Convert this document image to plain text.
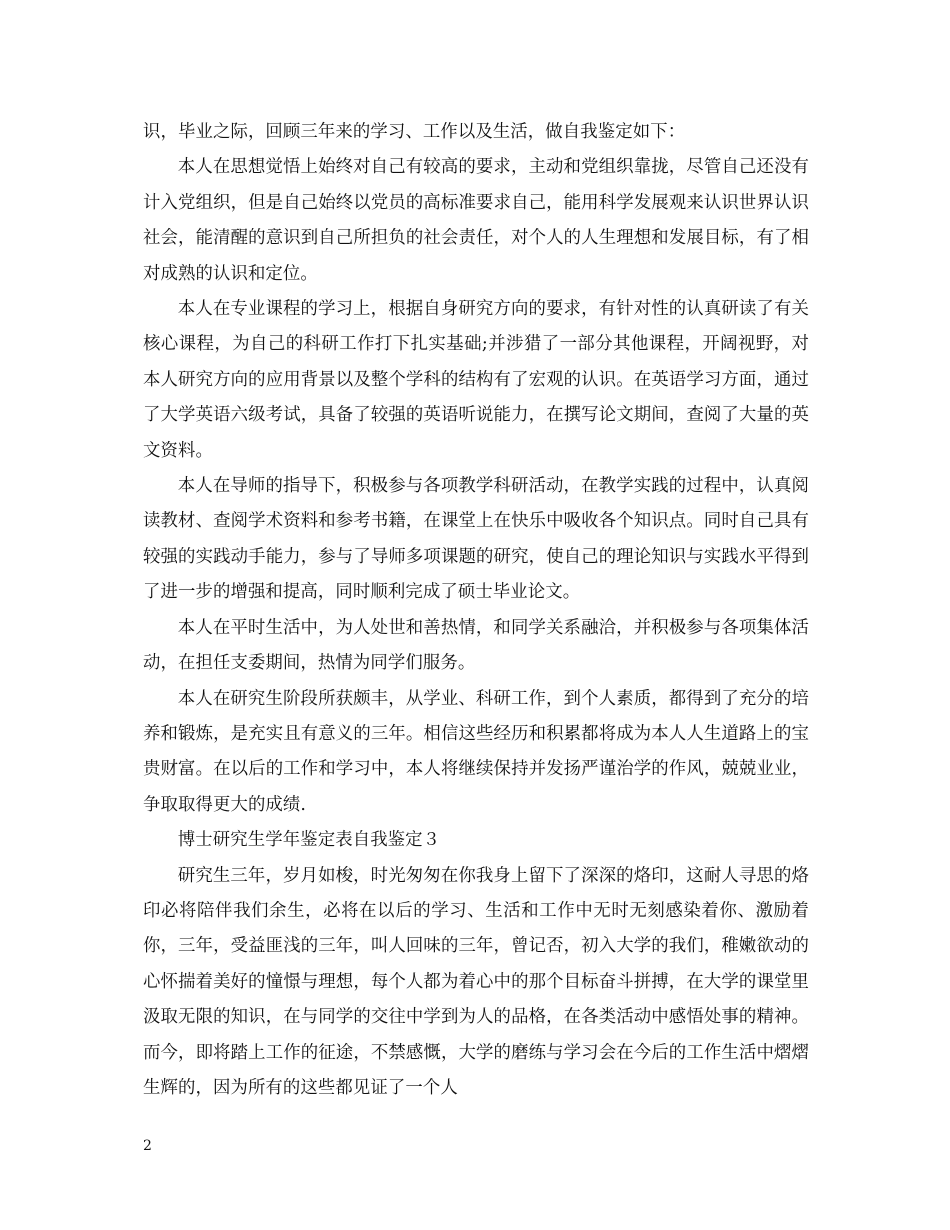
识，毕业之际，回顾三年来的学习、工作以及生活，做自我鉴定如下：

本人在思想觉悟上始终对自己有较高的要求，主动和党组织靠拢，尽管自己还没有计入党组织，但是自己始终以党员的高标准要求自己，能用科学发展观来认识世界认识社会，能清醒的意识到自己所担负的社会责任，对个人的人生理想和发展目标，有了相对成熟的认识和定位。

本人在专业课程的学习上，根据自身研究方向的要求，有针对性的认真研读了有关核心课程，为自己的科研工作打下扎实基础;并涉猎了一部分其他课程，开阔视野，对本人研究方向的应用背景以及整个学科的结构有了宏观的认识。在英语学习方面，通过了大学英语六级考试，具备了较强的英语听说能力，在撰写论文期间，查阅了大量的英文资料。

本人在导师的指导下，积极参与各项教学科研活动，在教学实践的过程中，认真阅读教材、查阅学术资料和参考书籍，在课堂上在快乐中吸收各个知识点。同时自己具有较强的实践动手能力，参与了导师多项课题的研究，使自己的理论知识与实践水平得到了进一步的增强和提高，同时顺利完成了硕士毕业论文。

本人在平时生活中，为人处世和善热情，和同学关系融洽，并积极参与各项集体活动，在担任支委期间，热情为同学们服务。

本人在研究生阶段所获颇丰，从学业、科研工作，到个人素质，都得到了充分的培养和锻炼，是充实且有意义的三年。相信这些经历和积累都将成为本人人生道路上的宝贵财富。在以后的工作和学习中，本人将继续保持并发扬严谨治学的作风，兢兢业业，争取取得更大的成绩.

博士研究生学年鉴定表自我鉴定３

研究生三年，岁月如梭，时光匆匆在你我身上留下了深深的烙印，这耐人寻思的烙印必将陪伴我们余生，必将在以后的学习、生活和工作中无时无刻感染着你、激励着你，三年，受益匪浅的三年，叫人回味的三年，曾记否，初入大学的我们，稚嫩欲动的心怀揣着美好的憧憬与理想，每个人都为着心中的那个目标奋斗拼搏，在大学的课堂里汲取无限的知识，在与同学的交往中学到为人的品格，在各类活动中感悟处事的精神。而今，即将踏上工作的征途，不禁感慨，大学的磨练与学习会在今后的工作生活中熠熠生辉的，因为所有的这些都见证了一个人

2
